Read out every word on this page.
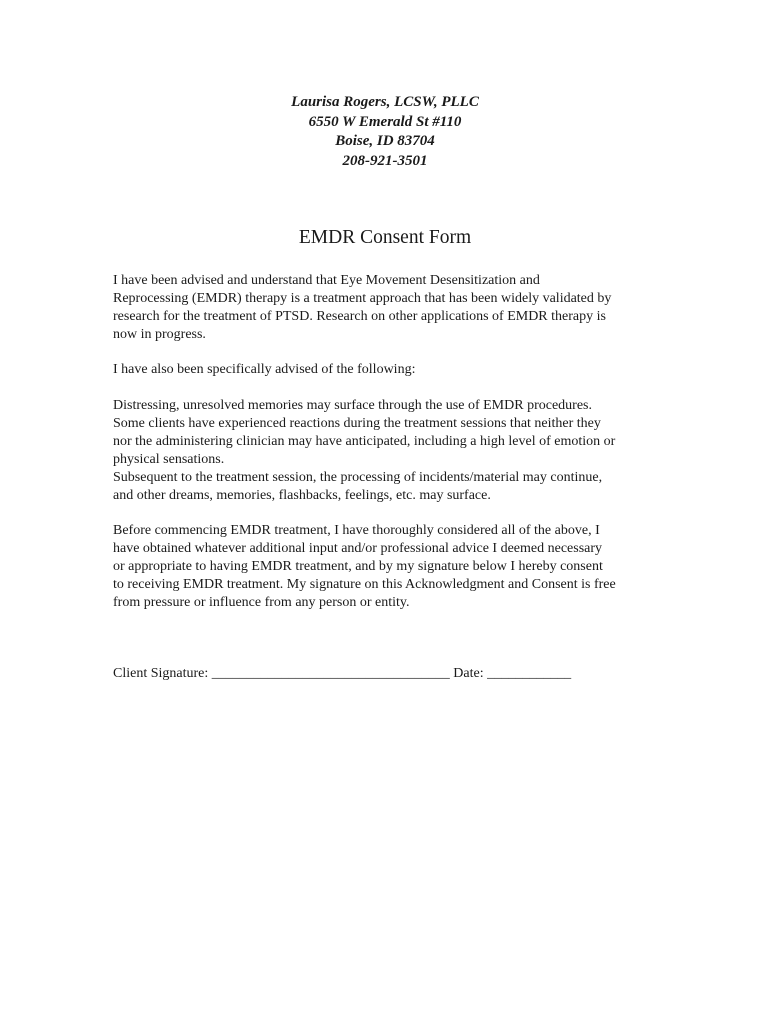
Laurisa Rogers, LCSW, PLLC
6550 W Emerald St #110
Boise, ID 83704
208-921-3501
EMDR Consent Form
I have been advised and understand that Eye Movement Desensitization and
Reprocessing (EMDR) therapy is a treatment approach that has been widely validated by
research for the treatment of PTSD. Research on other applications of EMDR therapy is
now in progress.
I have also been specifically advised of the following:
Distressing, unresolved memories may surface through the use of EMDR procedures.
Some clients have experienced reactions during the treatment sessions that neither they
nor the administering clinician may have anticipated, including a high level of emotion or
physical sensations.
Subsequent to the treatment session, the processing of incidents/material may continue,
and other dreams, memories, flashbacks, feelings, etc. may surface.
Before commencing EMDR treatment, I have thoroughly considered all of the above, I
have obtained whatever additional input and/or professional advice I deemed necessary
or appropriate to having EMDR treatment, and by my signature below I hereby consent
to receiving EMDR treatment. My signature on this Acknowledgment and Consent is free
from pressure or influence from any person or entity.
Client Signature: __________________________________ Date: ____________
